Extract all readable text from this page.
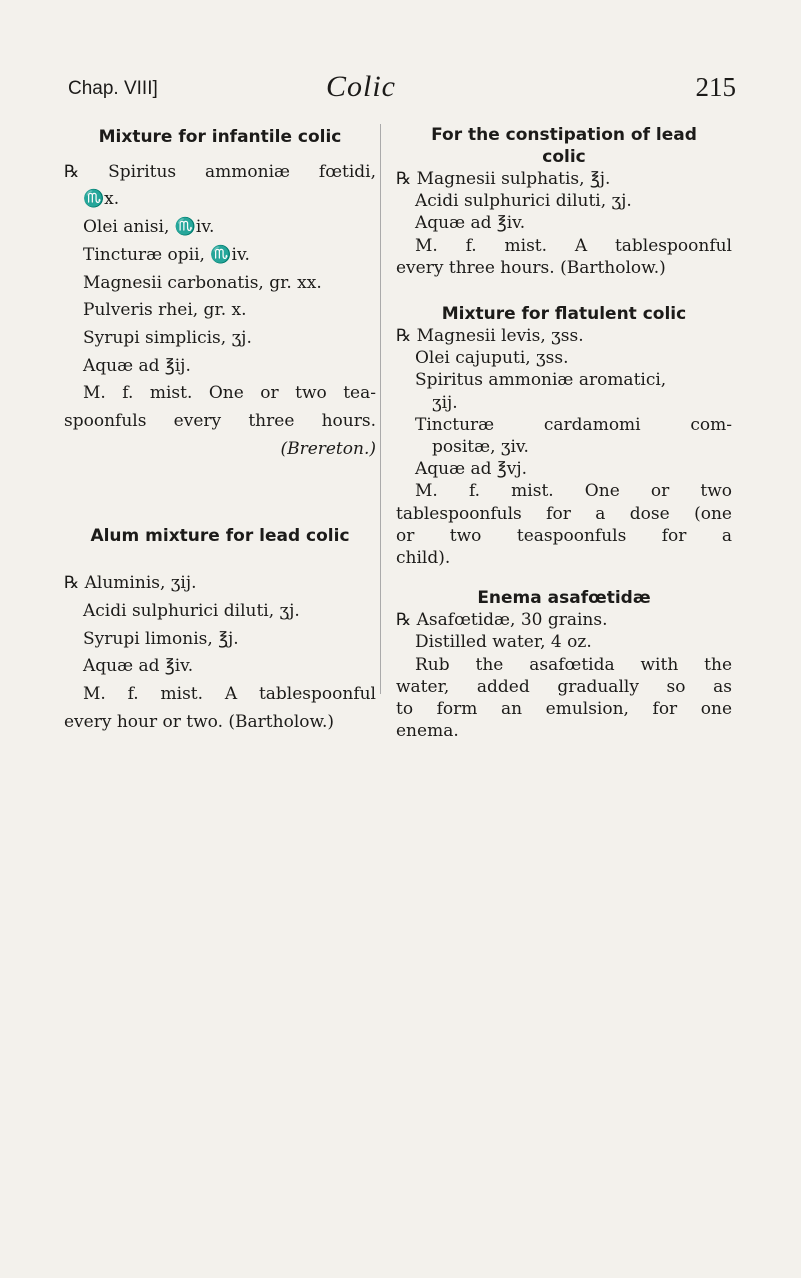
Chap. VIII]	Colic	215
Mixture for infantile colic
℞ Spiritus ammoniæ fœtidi,
♏x.
Olei anisi, ♏iv.
Tincturæ opii, ♏iv.
Magnesii carbonatis, gr. xx.
Pulveris rhei, gr. x.
Syrupi simplicis, ʒj.
Aquæ ad ℥ij.
M. f. mist. One or two tea-
spoonfuls every three hours.
(Brereton.)
Alum mixture for lead colic
℞ Aluminis, ʒij.
Acidi sulphurici diluti, ʒj.
Syrupi limonis, ℥j.
Aquæ ad ℥iv.
M. f. mist. A tablespoonful
every hour or two. (Bartholow.)
For the constipation of lead
colic
℞ Magnesii sulphatis, ℥j.
Acidi sulphurici diluti, ʒj.
Aquæ ad ℥iv.
M. f. mist. A tablespoonful
every three hours. (Bartholow.)
Mixture for flatulent colic
℞ Magnesii levis, ʒss.
Olei cajuputi, ʒss.
Spiritus ammoniæ aromatici,
ʒij.
Tincturæ cardamomi com-
positæ, ʒiv.
Aquæ ad ℥vj.
M. f. mist. One or two
tablespoonfuls for a dose (one
or two teaspoonfuls for a
child).
Enema asafœtidæ
℞ Asafœtidæ, 30 grains.
Distilled water, 4 oz.
Rub the asafœtida with the
water, added gradually so as
to form an emulsion, for one
enema.
